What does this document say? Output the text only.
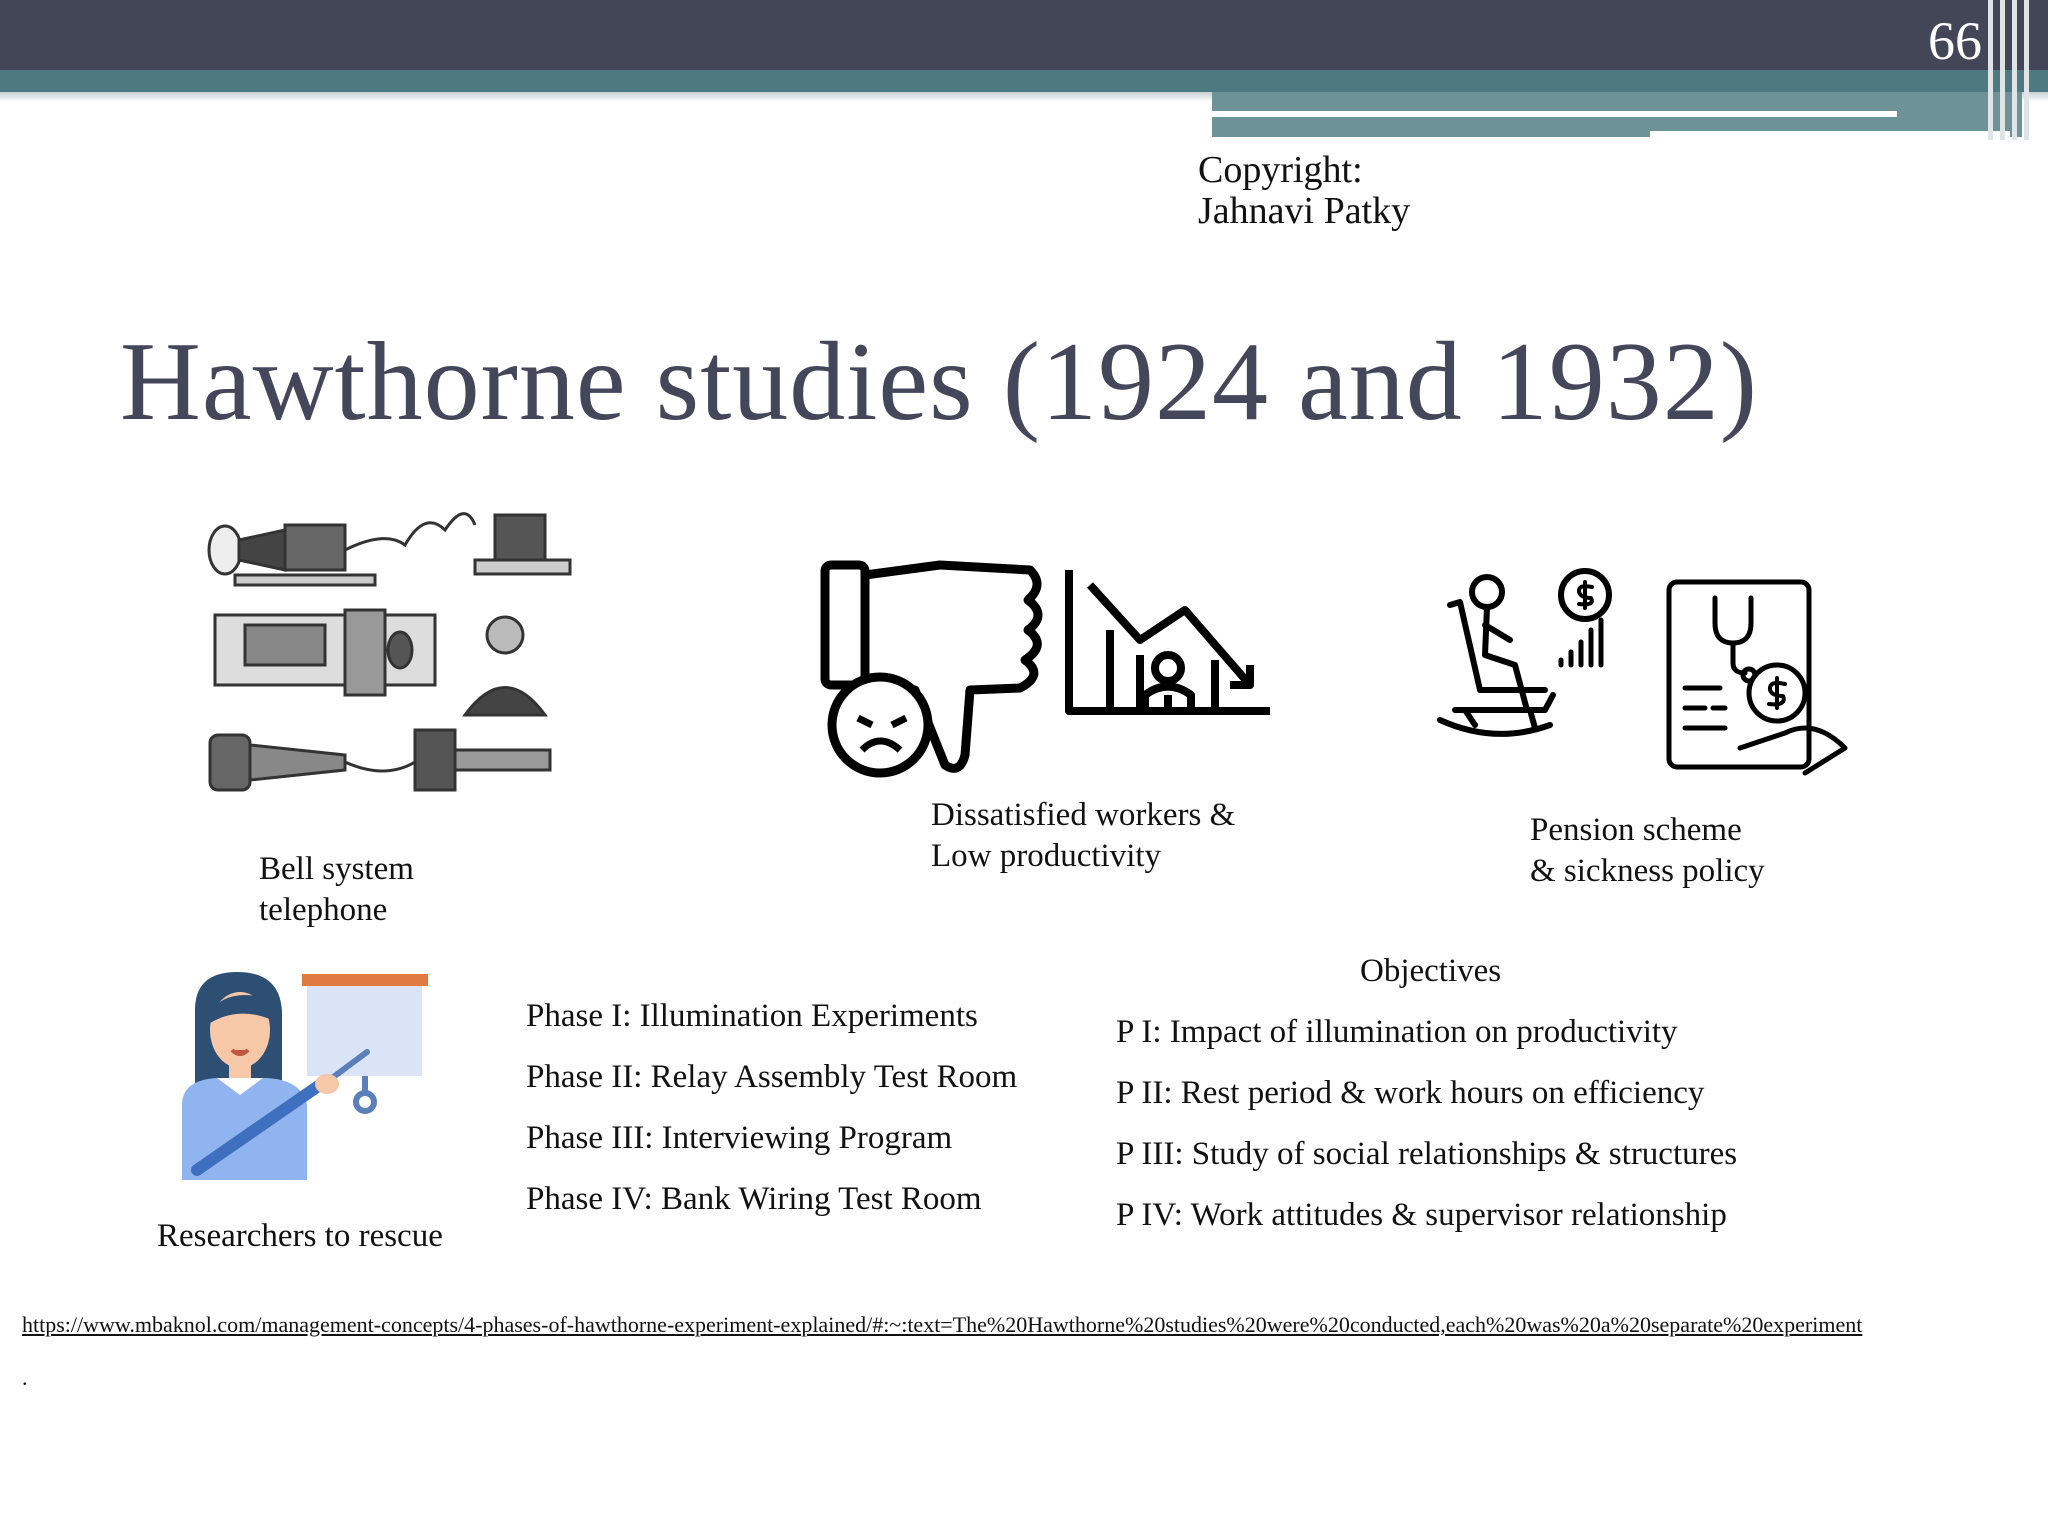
66
Copyright: Jahnavi Patky
Hawthorne studies (1924 and 1932)
Bell system telephone
Dissatisfied workers & Low productivity
Pension scheme & sickness policy
Researchers to rescue
Phase I: Illumination Experiments
Phase II: Relay Assembly Test Room
Phase III: Interviewing Program
Phase IV: Bank Wiring Test Room
Objectives
P I: Impact of illumination on productivity
P II: Rest period & work hours on efficiency
P III: Study of social relationships & structures
P IV: Work attitudes & supervisor relationship
https://www.mbaknol.com/management-concepts/4-phases-of-hawthorne-experiment-explained/#:~:text=The%20Hawthorne%20studies%20were%20conducted,each%20was%20a%20separate%20experiment
.
